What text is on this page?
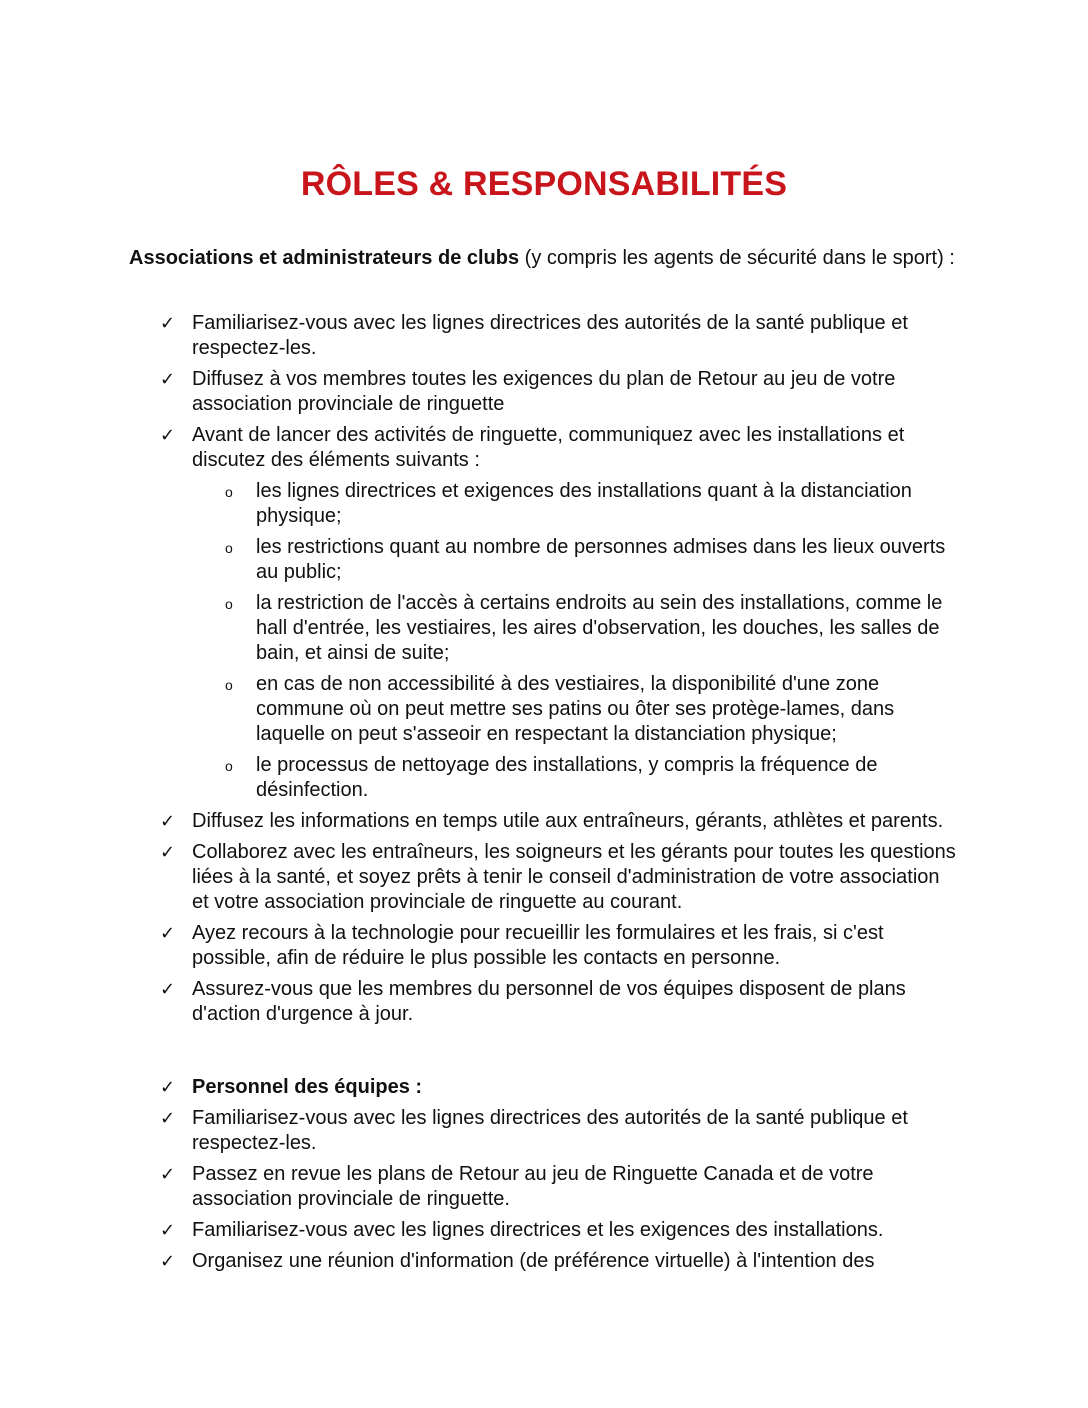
RÔLES & RESPONSABILITÉS
Associations et administrateurs de clubs (y compris les agents de sécurité dans le sport) :
✓ Familiarisez-vous avec les lignes directrices des autorités de la santé publique et respectez-les.
✓ Diffusez à vos membres toutes les exigences du plan de Retour au jeu de votre association provinciale de ringuette
✓ Avant de lancer des activités de ringuette, communiquez avec les installations et discutez des éléments suivants :
o les lignes directrices et exigences des installations quant à la distanciation physique;
o les restrictions quant au nombre de personnes admises dans les lieux ouverts au public;
o la restriction de l'accès à certains endroits au sein des installations, comme le hall d'entrée, les vestiaires, les aires d'observation, les douches, les salles de bain, et ainsi de suite;
o en cas de non accessibilité à des vestiaires, la disponibilité d'une zone commune où on peut mettre ses patins ou ôter ses protège-lames, dans laquelle on peut s'asseoir en respectant la distanciation physique;
o le processus de nettoyage des installations, y compris la fréquence de désinfection.
✓ Diffusez les informations en temps utile aux entraîneurs, gérants, athlètes et parents.
✓ Collaborez avec les entraîneurs, les soigneurs et les gérants pour toutes les questions liées à la santé, et soyez prêts à tenir le conseil d'administration de votre association et votre association provinciale de ringuette au courant.
✓ Ayez recours à la technologie pour recueillir les formulaires et les frais, si c'est possible, afin de réduire le plus possible les contacts en personne.
✓ Assurez-vous que les membres du personnel de vos équipes disposent de plans d'action d'urgence à jour.
✓ Personnel des équipes :
✓ Familiarisez-vous avec les lignes directrices des autorités de la santé publique et respectez-les.
✓ Passez en revue les plans de Retour au jeu de Ringuette Canada et de votre association provinciale de ringuette.
✓ Familiarisez-vous avec les lignes directrices et les exigences des installations.
✓ Organisez une réunion d'information (de préférence virtuelle) à l'intention des
